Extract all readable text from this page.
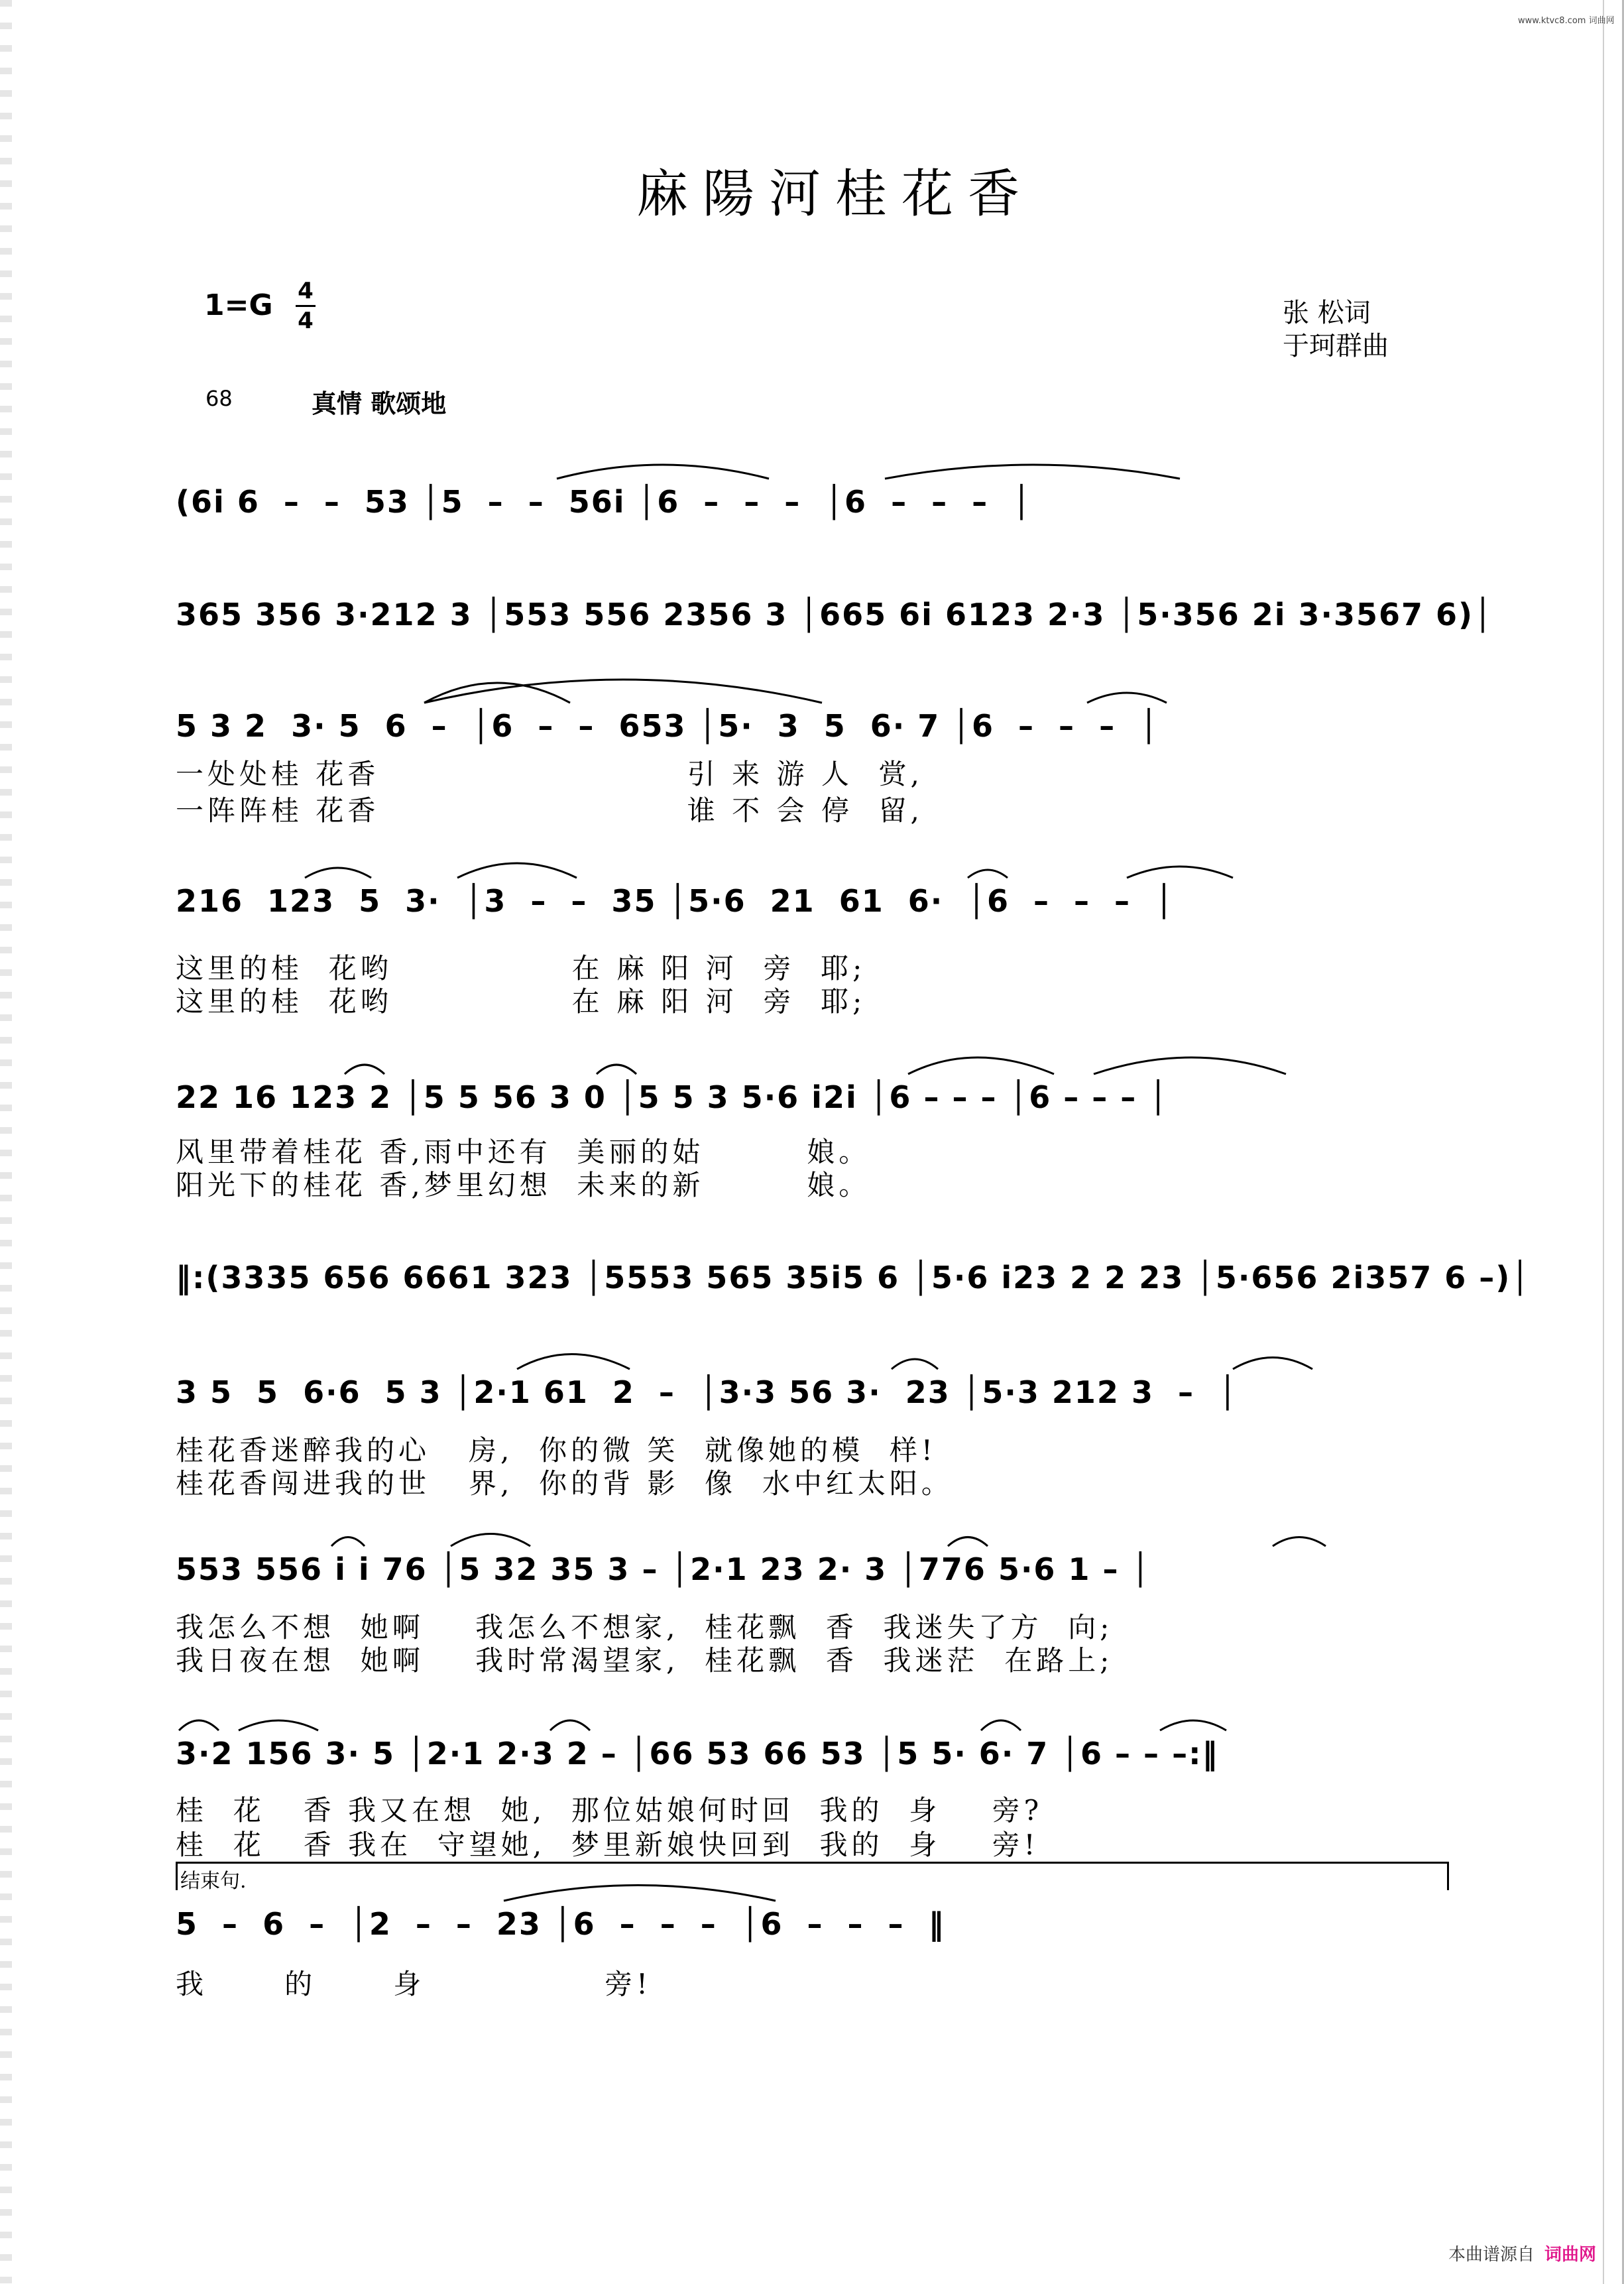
www.ktvc8.com 词曲网
麻陽河桂花香
1=G 4
4	张 松词
于珂群曲
68	真情 歌颂地
(6i 6  –  –  53 │5  –  –  56i │6  –  –  –  │6  –  –  –  │
365 356 3·212 3 │553 556 2356 3 │665 6i 6123 2·3 │5·356 2i 3·3567 6)│
5 3 2  3· 5  6  –  │6  –  –  653 │5·  3  5  6· 7 │6  –  –  –  │
一处处桂 花香                        引 来 游 人  赏,
一阵阵桂 花香                        谁 不 会 停  留,
216  123  5  3·  │3  –  –  35 │5·6  21  61  6·  │6  –  –  –  │
这里的桂  花哟              在 麻 阳 河  旁  耶;
这里的桂  花哟              在 麻 阳 河  旁  耶;
22 16 123 2 │5 5 56 3 0 │5 5 3 5·6 i2i │6 – – – │6 – – – │
风里带着桂花 香,雨中还有  美丽的姑        娘。
阳光下的桂花 香,梦里幻想  未来的新        娘。
‖:(3335 656 6661 323 │5553 565 35i5 6 │5·6 i23 2 2 23 │5·656 2i357 6 –)│
3 5  5  6·6  5 3 │2·1 61  2  –  │3·3 56 3·  23 │5·3 212 3  –  │
桂花香迷醉我的心   房,  你的微 笑  就像她的模  样!
桂花香闯进我的世   界,  你的背 影  像  水中红太阳。
553 556 i i 76 │5 32 35 3 – │2·1 23 2· 3 │776 5·6 1 – │
我怎么不想  她啊    我怎么不想家,  桂花飘  香  我迷失了方  向;
我日夜在想  她啊    我时常渴望家,  桂花飘  香  我迷茫  在路上;
3·2 156 3· 5 │2·1 2·3 2 – │66 53 66 53 │5 5· 6· 7 │6 – – –:‖
桂  花   香 我又在想  她,  那位姑娘何时回  我的  身    旁?
桂  花   香 我在  守望她,  梦里新娘快回到  我的  身    旁!
结束句.
5  –  6  –  │2  –  –  23 │6  –  –  –  │6  –  –  –  ‖
我      的      身              旁!
本曲谱源自 词曲网
